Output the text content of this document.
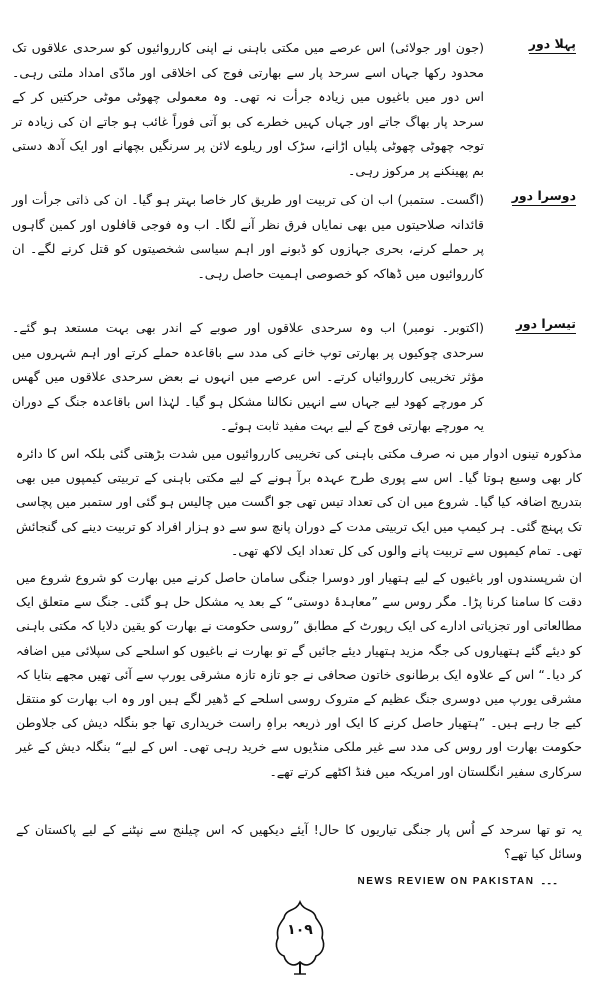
پہلا دور
(جون اور جولائی) اس عرصے میں مکتی باہنی نے اپنی کارروائیوں کو سرحدی علاقوں تک محدود رکھا جہاں اسے سرحد پار سے بھارتی فوج کی اخلاقی اور مادّی امداد ملتی رہی۔ اس دور میں باغیوں میں زیادہ جرأت نہ تھی۔ وہ معمولی چھوٹی موٹی حرکتیں کر کے سرحد پار بھاگ جاتے اور جہاں کہیں خطرے کی بو آتی فوراً غائب ہو جاتے ان کی زیادہ تر توجہ چھوٹی چھوٹی پلیاں اڑانے، سڑک اور ریلوے لائن پر سرنگیں بچھانے اور ایک آدھ دستی بم پھینکنے پر مرکوز رہی۔
دوسرا دور
(اگست۔ ستمبر) اب ان کی تربیت اور طریق کار خاصا بہتر ہو گیا۔ ان کی ذاتی جرأت اور قائدانہ صلاحیتوں میں بھی نمایاں فرق نظر آنے لگا۔ اب وہ فوجی قافلوں اور کمین گاہوں پر حملے کرنے، بحری جہازوں کو ڈبونے اور اہم سیاسی شخصیتوں کو قتل کرنے لگے۔ ان کارروائیوں میں ڈھاکہ کو خصوصی اہمیت حاصل رہی۔
تیسرا دور
(اکتوبر۔ نومبر) اب وہ سرحدی علاقوں اور صوبے کے اندر بھی بہت مستعد ہو گئے۔ سرحدی چوکیوں پر بھارتی توپ خانے کی مدد سے باقاعدہ حملے کرتے اور اہم شہروں میں مؤثر تخریبی کارروائیاں کرتے۔ اس عرصے میں انہوں نے بعض سرحدی علاقوں میں گھس کر مورچے کھود لیے جہاں سے انہیں نکالنا مشکل ہو گیا۔ لہٰذا اس باقاعدہ جنگ کے دوران یہ مورچے بھارتی فوج کے لیے بہت مفید ثابت ہوئے۔
مذکورہ تینوں ادوار میں نہ صرف مکتی باہنی کی تخریبی کارروائیوں میں شدت بڑھتی گئی بلکہ اس کا دائرہ کار بھی وسیع ہوتا گیا۔ اس سے پوری طرح عہدہ برآ ہونے کے لیے مکتی باہنی کے تربیتی کیمپوں میں بھی بتدریج اضافہ کیا گیا۔ شروع میں ان کی تعداد تیس تھی جو اگست میں چالیس ہو گئی اور ستمبر میں پچاسی تک پہنچ گئی۔ ہر کیمپ میں ایک تربیتی مدت کے دوران پانچ سو سے دو ہزار افراد کو تربیت دینے کی گنجائش تھی۔ تمام کیمپوں سے تربیت پانے والوں کی کل تعداد ایک لاکھ تھی۔
ان شرپسندوں اور باغیوں کے لیے ہتھیار اور دوسرا جنگی سامان حاصل کرنے میں بھارت کو شروع شروع میں دقت کا سامنا کرنا پڑا۔ مگر روس سے ”معاہدۂ دوستی“ کے بعد یہ مشکل حل ہو گئی۔ جنگ سے متعلق ایک مطالعاتی اور تجزیاتی ادارے کی ایک رپورٹ کے مطابق ”روسی حکومت نے بھارت کو یقین دلایا کہ مکتی باہنی کو دیئے گئے ہتھیاروں کی جگہ مزید ہتھیار دیئے جائیں گے تو بھارت نے باغیوں کو اسلحے کی سپلائی میں اضافہ کر دیا۔“ اس کے علاوہ ایک برطانوی خاتون صحافی نے جو تازہ تازہ مشرقی یورپ سے آئی تھیں مجھے بتایا کہ مشرقی یورپ میں دوسری جنگ عظیم کے متروک روسی اسلحے کے ڈھیر لگے ہیں اور وہ اب بھارت کو منتقل کیے جا رہے ہیں۔ ”ہتھیار حاصل کرنے کا ایک اور ذریعہ براہِ راست خریداری تھا جو بنگلہ دیش کی جلاوطن حکومت بھارت اور روس کی مدد سے غیر ملکی منڈیوں سے خرید رہی تھی۔ اس کے لیے“ بنگلہ دیش کے غیر سرکاری سفیر انگلستان اور امریکہ میں فنڈ اکٹھے کرتے تھے۔
یہ تو تھا سرحد کے اُس پار جنگی تیاریوں کا حال! آیئے دیکھیں کہ اس چیلنج سے نپٹنے کے لیے پاکستان کے وسائل کیا تھے؟
NEWS REVIEW ON PAKISTAN ۔۔۔
۱۰۹
